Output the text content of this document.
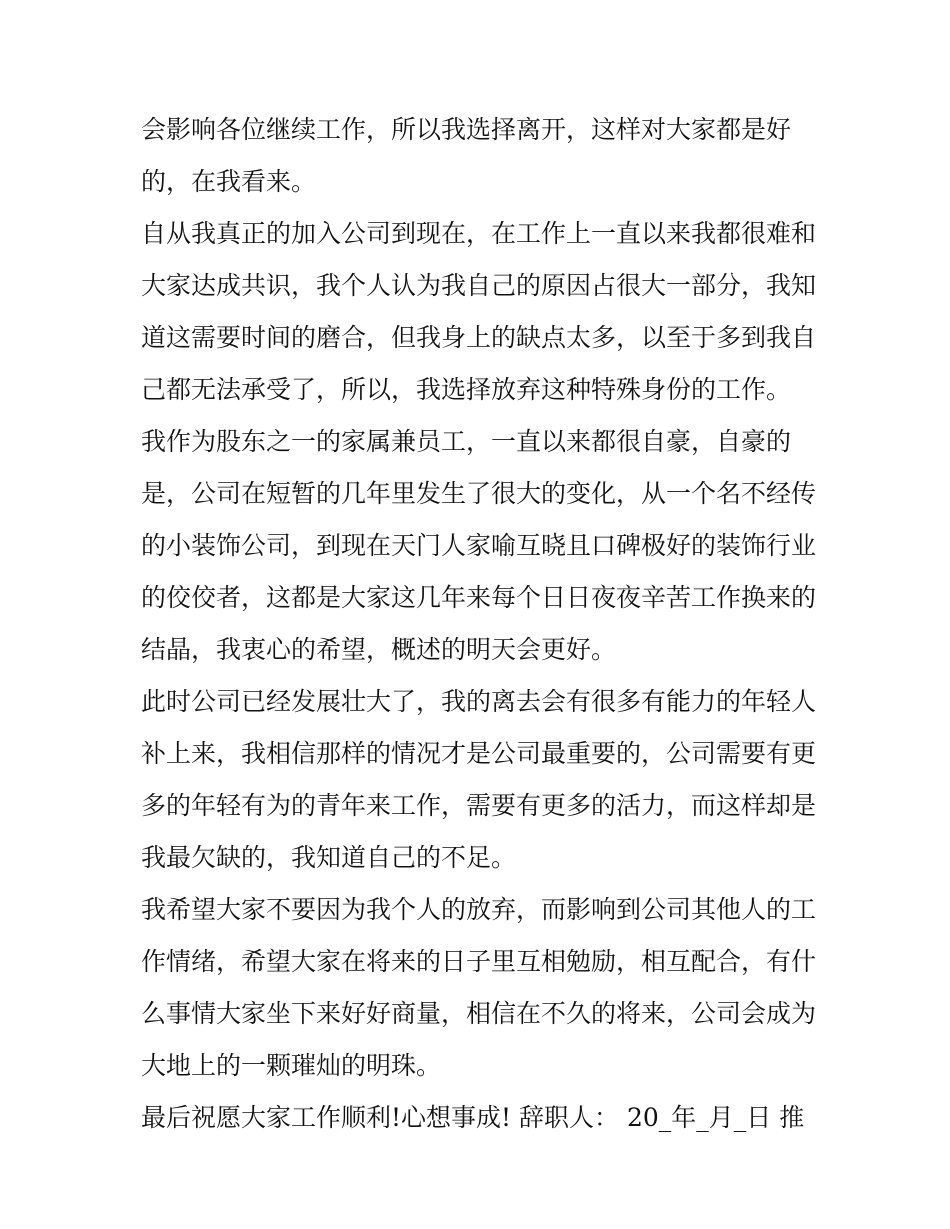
会影响各位继续工作，所以我选择离开，这样对大家都是好
的，在我看来。
自从我真正的加入公司到现在，在工作上一直以来我都很难和
大家达成共识，我个人认为我自己的原因占很大一部分，我知
道这需要时间的磨合，但我身上的缺点太多，以至于多到我自
己都无法承受了，所以，我选择放弃这种特殊身份的工作。
我作为股东之一的家属兼员工，一直以来都很自豪，自豪的
是，公司在短暂的几年里发生了很大的变化，从一个名不经传
的小装饰公司，到现在天门人家喻互晓且口碑极好的装饰行业
的佼佼者，这都是大家这几年来每个日日夜夜辛苦工作换来的
结晶，我衷心的希望，概述的明天会更好。
此时公司已经发展壮大了，我的离去会有很多有能力的年轻人
补上来，我相信那样的情况才是公司最重要的，公司需要有更
多的年轻有为的青年来工作，需要有更多的活力，而这样却是
我最欠缺的，我知道自己的不足。
我希望大家不要因为我个人的放弃，而影响到公司其他人的工
作情绪，希望大家在将来的日子里互相勉励，相互配合，有什
么事情大家坐下来好好商量，相信在不久的将来，公司会成为
大地上的一颗璀灿的明珠。
最后祝愿大家工作顺利!心想事成! 辞职人： 20_年_月_日 推
